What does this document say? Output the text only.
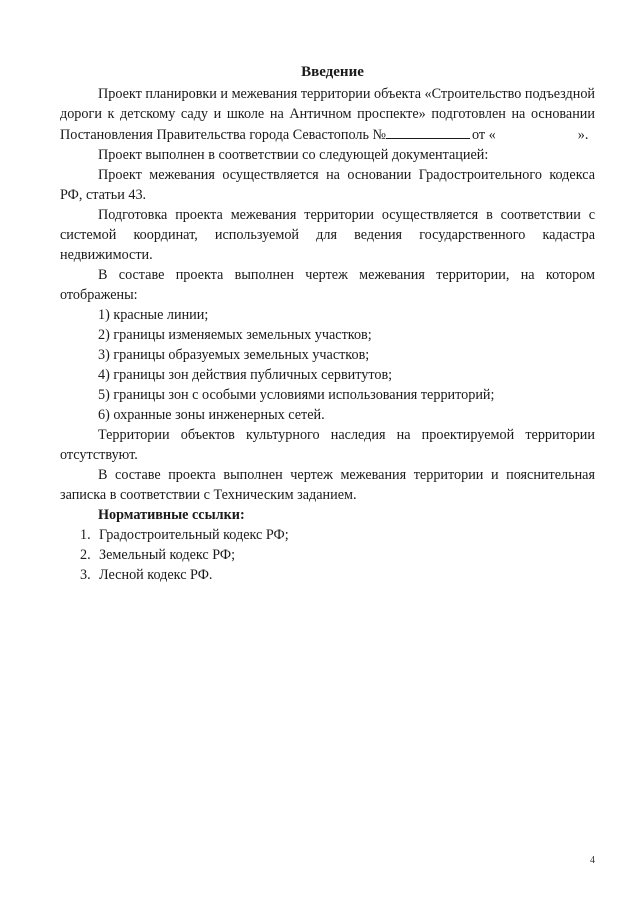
Введение

Проект планировки и межевания территории объекта «Строительство подъездной дороги к детскому саду и школе на Античном проспекте» подготовлен на основании Постановления Правительства города Севастополь №	от «	».

Проект выполнен в соответствии со следующей документацией:

Проект межевания осуществляется на основании Градостроительного кодекса РФ, статьи 43.

Подготовка проекта межевания территории осуществляется в соответствии с системой координат, используемой для ведения государственного кадастра недвижимости.

В составе проекта выполнен чертеж межевания территории, на котором отображены:

1) красные линии;

2) границы изменяемых земельных участков;

3) границы образуемых земельных участков;

4) границы зон действия публичных сервитутов;

5) границы зон с особыми условиями использования территорий;

6) охранные зоны инженерных сетей.

Территории объектов культурного наследия на проектируемой территории отсутствуют.

В составе проекта выполнен чертеж межевания территории и пояснительная записка в соответствии с Техническим заданием.

Нормативные ссылки:

1. Градостроительный кодекс РФ;
2. Земельный кодекс РФ;
3. Лесной кодекс РФ.
4
